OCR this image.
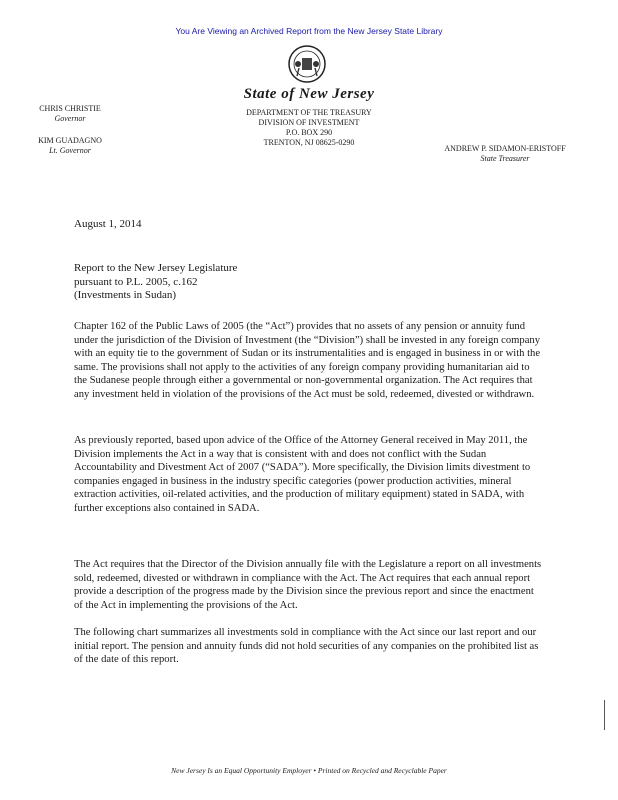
You Are Viewing an Archived Report from the New Jersey State Library
State of New Jersey
CHRIS CHRISTIE
Governor
KIM GUADAGNO
Lt. Governor
DEPARTMENT OF THE TREASURY
DIVISION OF INVESTMENT
P.O. BOX 290
TRENTON, NJ 08625-0290
ANDREW P. SIDAMON-ERISTOFF
State Treasurer
August 1, 2014
Report to the New Jersey Legislature
pursuant to P.L. 2005, c.162
(Investments in Sudan)

Chapter 162 of the Public Laws of 2005 (the “Act”) provides that no assets of any pension or annuity fund under the jurisdiction of the Division of Investment (the “Division”) shall be invested in any foreign company with an equity tie to the government of Sudan or its instrumentalities and is engaged in business in or with the same. The provisions shall not apply to the activities of any foreign company providing humanitarian aid to the Sudanese people through either a governmental or non-governmental organization. The Act requires that any investment held in violation of the provisions of the Act must be sold, redeemed, divested or withdrawn.

As previously reported, based upon advice of the Office of the Attorney General received in May 2011, the Division implements the Act in a way that is consistent with and does not conflict with the Sudan Accountability and Divestment Act of 2007 (“SADA”). More specifically, the Division limits divestment to companies engaged in business in the industry specific categories (power production activities, mineral extraction activities, oil-related activities, and the production of military equipment) stated in SADA, with further exceptions also contained in SADA.

The Act requires that the Director of the Division annually file with the Legislature a report on all investments sold, redeemed, divested or withdrawn in compliance with the Act. The Act requires that each annual report provide a description of the progress made by the Division since the previous report and since the enactment of the Act in implementing the provisions of the Act.

The following chart summarizes all investments sold in compliance with the Act since our last report and our initial report. The pension and annuity funds did not hold securities of any companies on the prohibited list as of the date of this report.

New Jersey Is an Equal Opportunity Employer • Printed on Recycled and Recyclable Paper
